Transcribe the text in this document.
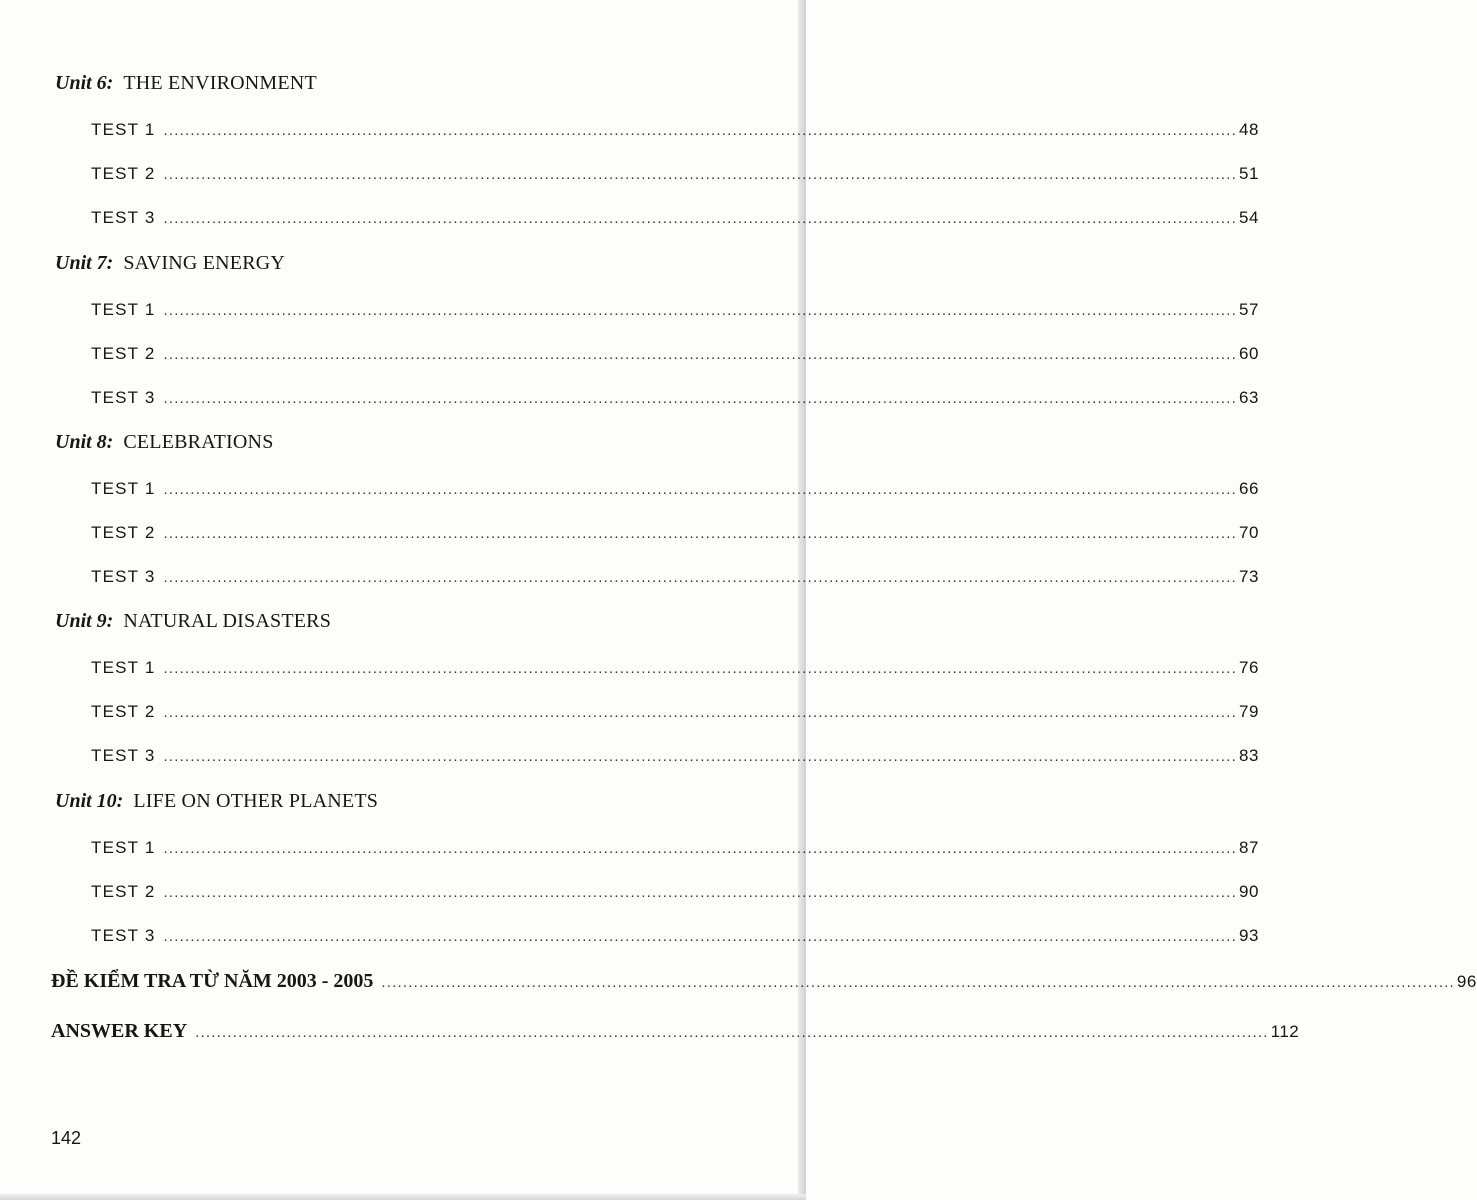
Unit 6: THE ENVIRONMENT
TEST 1 ........................................................................................................................................................................................................ 48
TEST 2 ........................................................................................................................................................................................................ 51
TEST 3 ........................................................................................................................................................................................................ 54
Unit 7: SAVING ENERGY
TEST 1 ........................................................................................................................................................................................................ 57
TEST 2 ........................................................................................................................................................................................................ 60
TEST 3 ........................................................................................................................................................................................................ 63
Unit 8: CELEBRATIONS
TEST 1 ........................................................................................................................................................................................................ 66
TEST 2 ........................................................................................................................................................................................................ 70
TEST 3 ........................................................................................................................................................................................................ 73
Unit 9: NATURAL DISASTERS
TEST 1 ........................................................................................................................................................................................................ 76
TEST 2 ........................................................................................................................................................................................................ 79
TEST 3 ........................................................................................................................................................................................................ 83
Unit 10: LIFE ON OTHER PLANETS
TEST 1 ........................................................................................................................................................................................................ 87
TEST 2 ........................................................................................................................................................................................................ 90
TEST 3 ........................................................................................................................................................................................................ 93
ĐỀ KIỂM TRA TỪ NĂM 2003 - 2005 ........................................................................................................................................................................................................ 96
ANSWER KEY ........................................................................................................................................................................................................ 112
142
